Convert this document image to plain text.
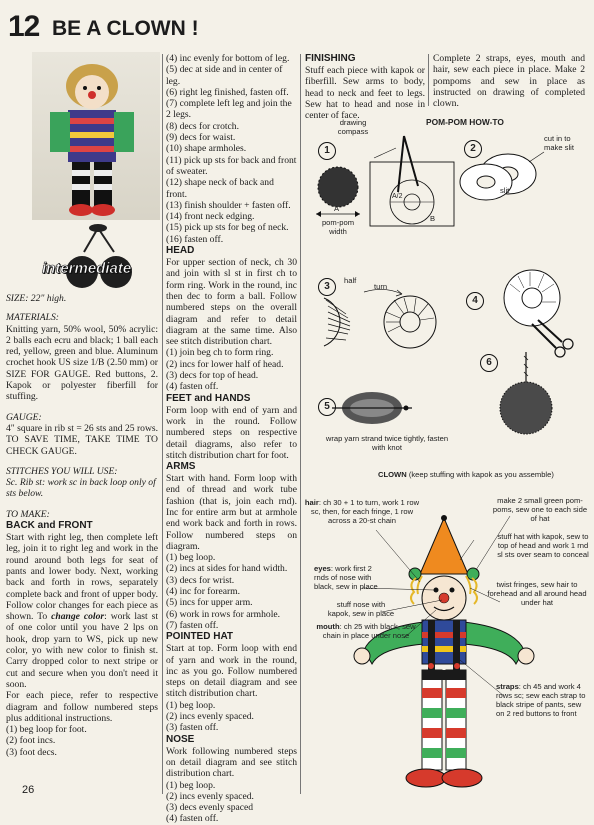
12 BE A CLOWN !
intermediate

SIZE: 22" high.

MATERIALS:

Knitting yarn, 50% wool, 50% acrylic: 2 balls each ecru and black; 1 ball each red, yellow, green and blue. Aluminum crochet hook US size 1/B (2.50 mm) or SIZE FOR GAUGE. Red buttons, 2. Kapok or polyester fiberfill for stuffing.

GAUGE:

4" square in rib st = 26 sts and 25 rows. TO SAVE TIME, TAKE TIME TO CHECK GAUGE.

STITCHES YOU WILL USE:

Sc. Rib st: work sc in back loop only of sts below.

TO MAKE:

BACK and FRONT

Start with right leg, then complete left leg, join it to right leg and work in the round around both legs for seat of pants and lower body. Next, working back and forth in rows, separately complete back and front of upper body. Follow color changes for each piece as shown. To change color: work last st of one color until you have 2 lps on hook, drop yarn to WS, pick up new color, yo with new color to finish st. Carry dropped color to next stripe or cut and secure when you don't need it soon.

For each piece, refer to respective diagram and follow numbered steps plus additional instructions.

(1) beg loop for foot.
(2) foot incs.
(3) foot decs.
26
(4) inc evenly for bottom of leg.
(5) dec at side and in center of leg.
(6) right leg finished, fasten off.
(7) complete left leg and join the 2 legs.
(8) decs for crotch.
(9) decs for waist.
(10) shape armholes.
(11) pick up sts for back and front of sweater.
(12) shape neck of back and front.
(13) finish shoulder + fasten off.
(14) front neck edging.
(15) pick up sts for beg of neck.
(16) fasten off.

HEAD

For upper section of neck, ch 30 and join with sl st in first ch to form ring. Work in the round, inc then dec to form a ball. Follow numbered steps on the overall diagram and refer to detail diagram at the same time. Also see stitch distribution chart.

(1) join beg ch to form ring.
(2) incs for lower half of head.
(3) decs for top of head.
(4) fasten off.

FEET and HANDS

Form loop with end of yarn and work in the round. Follow numbered steps on respective detail diagrams, also refer to stitch distribution chart for foot.

ARMS

Start with hand. Form loop with end of thread and work tube fashion (that is, join each rnd). Inc for entire arm but at armhole end work back and forth in rows. Follow numbered steps on diagram.

(1) beg loop.
(2) incs at sides for hand width.
(3) decs for wrist.
(4) inc for forearm.
(5) incs for upper arm.
(6) work in rows for armhole.
(7) fasten off.

POINTED HAT

Start at top. Form loop with end of yarn and work in the round, inc as you go. Follow numbered steps on detail diagram and see stitch distribution chart.

(1) beg loop.
(2) incs evenly spaced.
(3) fasten off.

NOSE

Work following numbered steps on detail diagram and see stitch distribution chart.

(1) beg loop.
(2) incs evenly spaced.
(3) decs evenly spaced
(4) fasten off.

FINISHING

Stuff each piece with kapok or fiberfill. Sew arms to body, head to neck and feet to legs. Sew hat to head and nose in center of face.

Complete 2 straps, eyes, mouth and hair, sew each piece in place. Make 2 pompoms and sew in place as instructed on drawing of completed clown.

POM-POM HOW-TO
1	2
3
4
5
6
drawing compass
A
pom-pom width
B
A/2
cut in to make slit
slit
half
turn
wrap yarn strand twice tightly, fasten with knot
CLOWN (keep stuffing with kapok as you assemble)
hair: ch 30 + 1 to turn, work 1 row sc, then, for each fringe, 1 row across a 20-st chain
make 2 small green pom-poms, sew one to each side of hat
stuff hat with kapok, sew to top of head and work 1 rnd sl sts over seam to conceal
eyes: work first 2 rnds of nose with black, sew in place
stuff nose with kapok, sew in place
twist fringes, sew hair to forehead and all around head under hat
mouth: ch 25 with black, sew chain in place under nose
straps: ch 45 and work 4 rows sc; sew each strap to black stripe of pants, sew on 2 red buttons to front
